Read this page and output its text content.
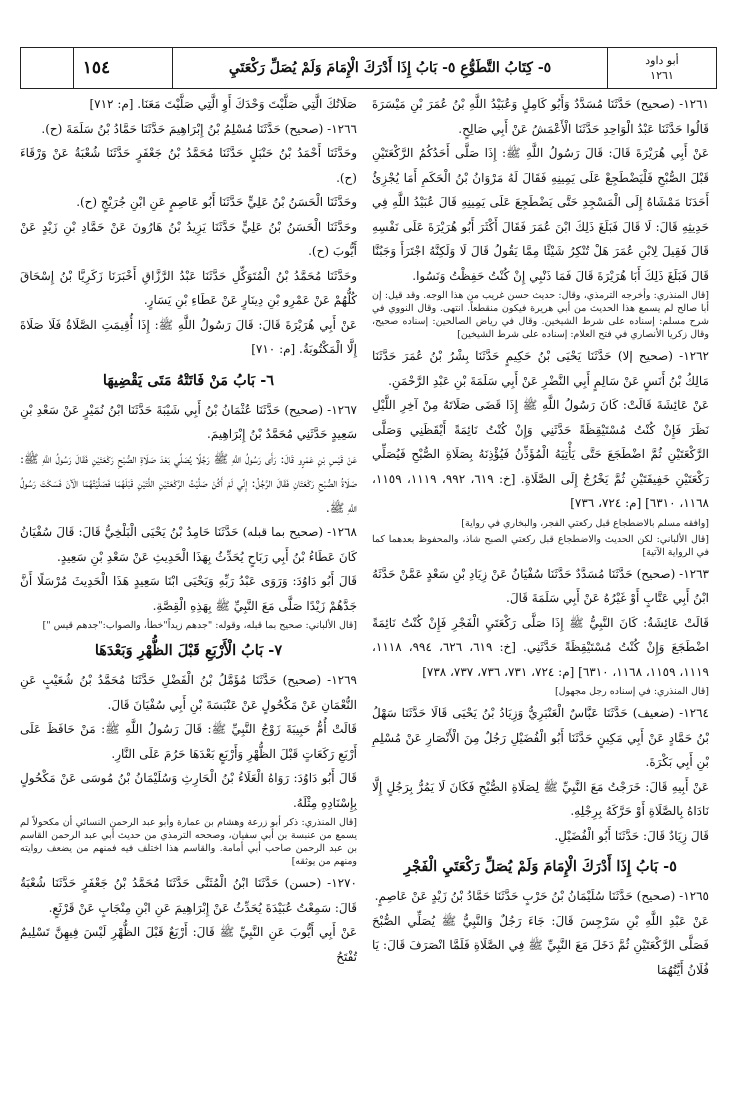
١٥٤	٥- كِتَابُ التَّطَوُّعِ ٥- بَابُ إِذَا أَدْرَكَ الْإِمَامَ وَلَمْ يُصَلِّ رَكْعَتَيِ	أبو داود
١٢٦١

١٢٦١- (صحيح) حَدَّثَنَا مُسَدَّدٌ وَأَبُو كَامِلٍ وَعُبَيْدُ اللَّهِ بْنُ عُمَرَ بْنِ مَيْسَرَةَ قَالُوا حَدَّثَنَا عَبْدُ الْوَاحِدِ حَدَّثَنَا الْأَعْمَشُ عَنْ أَبِي صَالِحٍ.

عَنْ أَبِي هُرَيْرَةَ قَالَ: قَالَ رَسُولُ اللَّهِ ﷺ: إِذَا صَلَّى أَحَدُكُمُ الرَّكْعَتَيْنِ قَبْلَ الصُّبْحِ فَلْيَضْطَجِعْ عَلَى يَمِينِهِ فَقَالَ لَهُ مَرْوَانُ بْنُ الْحَكَمِ أَمَا يُجْزِئُ أَحَدَنَا مَمْشَاهُ إِلَى الْمَسْجِدِ حَتَّى يَضْطَجِعَ عَلَى يَمِينِهِ قَالَ عُبَيْدُ اللَّهِ فِي حَدِيثِهِ قَالَ: لَا قَالَ فَبَلَغَ ذَلِكَ ابْنَ عُمَرَ فَقَالَ أَكْثَرَ أَبُو هُرَيْرَةَ عَلَى نَفْسِهِ قَالَ فَقِيلَ لِابْنِ عُمَرَ هَلْ تُنْكِرُ شَيْئًا مِمَّا يَقُولُ قَالَ لَا وَلَكِنَّهُ اجْتَرَأَ وَجَبُنَّا قَالَ فَبَلَغَ ذَلِكَ أَبَا هُرَيْرَةَ قَالَ فَمَا ذَنْبِي إِنْ كُنْتُ حَفِظْتُ وَنَسُوا.

[قال المنذري: وأخرجه الترمذي، وقال: حديث حسن غريب من هذا الوجه. وقد قيل: إن أبا صالح لم يسمع هذا الحديث من أبي هريرة فيكون منقطعاً. انتهى. وقال النووي في شرح مسلم: إسناده على شرط الشيخين. وقال في رياض الصالحين: إسناده صحيح، وقال زكريا الأنصاري في فتح العلام: إسناده على شرط الشيخين]

١٢٦٢- (صحيح إلا) حَدَّثَنَا يَحْيَى بْنُ حَكِيمٍ حَدَّثَنَا بِشْرُ بْنُ عُمَرَ حَدَّثَنَا مَالِكُ بْنُ أَنَسٍ عَنْ سَالِمٍ أَبِي النَّضْرِ عَنْ أَبِي سَلَمَةَ بْنِ عَبْدِ الرَّحْمَنِ.

عَنْ عَائِشَةَ قَالَتْ: كَانَ رَسُولُ اللَّهِ ﷺ إِذَا قَضَى صَلَاتَهُ مِنْ آخِرِ اللَّيْلِ نَظَرَ فَإِنْ كُنْتُ مُسْتَيْقِظَةً حَدَّثَنِي وَإِنْ كُنْتُ نَائِمَةً أَيْقَظَنِي وَصَلَّى الرَّكْعَتَيْنِ ثُمَّ اضْطَجَعَ حَتَّى يَأْتِيَهُ الْمُؤَذِّنُ فَيُؤْذِنَهُ بِصَلَاةِ الصُّبْحِ فَيُصَلِّي رَكْعَتَيْنِ خَفِيفَتَيْنِ ثُمَّ يَخْرُجُ إِلَى الصَّلَاةِ. [خ: ٦١٩، ٩٩٢، ١١١٩، ١١٥٩، ١١٦٨، ٦٣١٠] [م: ٧٢٤، ٧٣٦]

[وافقه مسلم بالاضطجاع قبل ركعتي الفجر، والبخاري في رواية]

[قال الألباني: لكن الحديث والاضطجاع قبل ركعتي الصبح شاذ، والمحفوظ بعدهما كما في الرواية الآتية]

١٢٦٣- (صحيح) حَدَّثَنَا مُسَدَّدٌ حَدَّثَنَا سُفْيَانُ عَنْ زِيَادِ بْنِ سَعْدٍ عَمَّنْ حَدَّثَهُ ابْنُ أَبِي عَتَّابٍ أَوْ غَيْرُهُ عَنْ أَبِي سَلَمَةَ قَالَ.

قَالَتْ عَائِشَةُ: كَانَ النَّبِيُّ ﷺ إِذَا صَلَّى رَكْعَتَيِ الْفَجْرِ فَإِنْ كُنْتُ نَائِمَةً اضْطَجَعَ وَإِنْ كُنْتُ مُسْتَيْقِظَةً حَدَّثَنِي. [خ: ٦١٩، ٦٢٦، ٩٩٤، ١١١٨، ١١١٩، ١١٥٩، ١١٦٨، ٦٣١٠] [م: ٧٢٤، ٧٣١، ٧٣٦، ٧٣٧، ٧٣٨]

[قال المنذري: في إسناده رجل مجهول]

١٢٦٤- (ضعيف) حَدَّثَنَا عَبَّاسٌ الْعَنْبَرِيُّ وَزِيَادُ بْنُ يَحْيَى قَالَا حَدَّثَنَا سَهْلُ بْنُ حَمَّادٍ عَنْ أَبِي مَكِينٍ حَدَّثَنَا أَبُو الْفُضَيْلِ رَجُلٌ مِنَ الْأَنْصَارِ عَنْ مُسْلِمِ بْنِ أَبِي بَكْرَةَ.

عَنْ أَبِيهِ قَالَ: خَرَجْتُ مَعَ النَّبِيِّ ﷺ لِصَلَاةِ الصُّبْحِ فَكَانَ لَا يَمُرُّ بِرَجُلٍ إِلَّا نَادَاهُ بِالصَّلَاةِ أَوْ حَرَّكَهُ بِرِجْلِهِ.

قَالَ زِيَادٌ قَالَ: حَدَّثَنَا أَبُو الْفُضَيْلِ.

٥- بَابُ إِذَا أَدْرَكَ الْإِمَامَ وَلَمْ يُصَلِّ رَكْعَتَيِ الْفَجْرِ

١٢٦٥- (صحيح) حَدَّثَنَا سُلَيْمَانُ بْنُ حَرْبٍ حَدَّثَنَا حَمَّادُ بْنُ زَيْدٍ عَنْ عَاصِمٍ.

عَنْ عَبْدِ اللَّهِ بْنِ سَرْجِسَ قَالَ: جَاءَ رَجُلٌ وَالنَّبِيُّ ﷺ يُصَلِّي الصُّبْحَ فَصَلَّى الرَّكْعَتَيْنِ ثُمَّ دَخَلَ مَعَ النَّبِيِّ ﷺ فِي الصَّلَاةِ فَلَمَّا انْصَرَفَ قَالَ: يَا فُلَانُ أَيَّتُهُمَا

صَلَاتُكَ الَّتِي صَلَّيْتَ وَحْدَكَ أَوِ الَّتِي صَلَّيْتَ مَعَنَا. [م: ٧١٢]

١٢٦٦- (صحيح) حَدَّثَنَا مُسْلِمُ بْنُ إِبْرَاهِيمَ حَدَّثَنَا حَمَّادُ بْنُ سَلَمَةَ (ح).

وحَدَّثَنَا أَحْمَدُ بْنُ حَنْبَلٍ حَدَّثَنَا مُحَمَّدُ بْنُ جَعْفَرٍ حَدَّثَنَا شُعْبَةُ عَنْ وَرْقَاءَ (ح).

وحَدَّثَنَا الْحَسَنُ بْنُ عَلِيٍّ حَدَّثَنَا أَبُو عَاصِمٍ عَنِ ابْنِ جُرَيْجٍ (ح).

وحَدَّثَنَا الْحَسَنُ بْنُ عَلِيٍّ حَدَّثَنَا يَزِيدُ بْنُ هَارُونَ عَنْ حَمَّادِ بْنِ زَيْدٍ عَنْ أَيُّوبَ (ح).

وحَدَّثَنَا مُحَمَّدُ بْنُ الْمُتَوَكِّلِ حَدَّثَنَا عَبْدُ الرَّزَّاقِ أَخْبَرَنَا زَكَرِيَّا بْنُ إِسْحَاقَ كُلُّهُمْ عَنْ عَمْرِو بْنِ دِينَارٍ عَنْ عَطَاءِ بْنِ يَسَارٍ.

عَنْ أَبِي هُرَيْرَةَ قَالَ: قَالَ رَسُولُ اللَّهِ ﷺ: إِذَا أُقِيمَتِ الصَّلَاةُ فَلَا صَلَاةَ إِلَّا الْمَكْتُوبَةُ. [م: ٧١٠]

٦- بَابُ مَنْ فَاتَتْهُ مَتَى يَقْضِيهَا

١٢٦٧- (صحيح) حَدَّثَنَا عُثْمَانُ بْنُ أَبِي شَيْبَةَ حَدَّثَنَا ابْنُ نُمَيْرٍ عَنْ سَعْدِ بْنِ سَعِيدٍ حَدَّثَنِي مُحَمَّدُ بْنُ إِبْرَاهِيمَ.

عَنْ قَيْسِ بْنِ عَمْرٍو قَالَ: رَأَى رَسُولُ اللَّهِ ﷺ رَجُلًا يُصَلِّي بَعْدَ صَلَاةِ الصُّبْحِ رَكْعَتَيْنِ فَقَالَ رَسُولُ اللَّهِ ﷺ: صَلَاةُ الصُّبْحِ رَكْعَتَانِ فَقَالَ الرَّجُلُ: إِنِّي لَمْ أَكُنْ صَلَّيْتُ الرَّكْعَتَيْنِ اللَّتَيْنِ قَبْلَهُمَا فَصَلَّيْتُهُمَا الْآنَ فَسَكَتَ رَسُولُ اللَّهِ ﷺ.

١٢٦٨- (صحيح بما قبله) حَدَّثَنَا حَامِدُ بْنُ يَحْيَى الْبَلْخِيُّ قَالَ: قَالَ سُفْيَانُ كَانَ عَطَاءُ بْنُ أَبِي رَبَاحٍ يُحَدِّثُ بِهَذَا الْحَدِيثِ عَنْ سَعْدِ بْنِ سَعِيدٍ.

قَالَ أَبُو دَاوُدَ: وَرَوَى عَبْدُ رَبِّهِ وَيَحْيَى ابْنَا سَعِيدٍ هَذَا الْحَدِيثَ مُرْسَلًا أَنَّ جَدَّهُمْ زَيْدًا صَلَّى مَعَ النَّبِيِّ ﷺ بِهَذِهِ الْقِصَّةِ.

[قال الألباني: صحيح بما قبله، وقوله: "جدهم زيداً"خطأ، والصواب:"جدهم قيس "]

٧- بَابُ الْأَرْبَعِ قَبْلَ الظُّهْرِ وَبَعْدَهَا

١٢٦٩- (صحيح) حَدَّثَنَا مُؤَمَّلُ بْنُ الْفَضْلِ حَدَّثَنَا مُحَمَّدُ بْنُ شُعَيْبٍ عَنِ النُّعْمَانِ عَنْ مَكْحُولٍ عَنْ عَنْبَسَةَ بْنِ أَبِي سُفْيَانَ قَالَ.

قَالَتْ أُمُّ حَبِيبَةَ زَوْجُ النَّبِيِّ ﷺ: قَالَ رَسُولُ اللَّهِ ﷺ: مَنْ حَافَظَ عَلَى أَرْبَعِ رَكَعَاتٍ قَبْلَ الظُّهْرِ وَأَرْبَعٍ بَعْدَهَا حَرُمَ عَلَى النَّارِ.

قَالَ أَبُو دَاوُدَ: رَوَاهُ الْعَلَاءُ بْنُ الْحَارِثِ وَسُلَيْمَانُ بْنُ مُوسَى عَنْ مَكْحُولٍ بِإِسْنَادِهِ مِثْلَهُ.

[قال المنذري: ذكر أبو زرعة وهشام بن عمارة وأبو عبد الرحمن النسائي أن مكحولاً لم يسمع من عنبسة بن أبي سفيان، وصححه الترمذي من حديث أبي عبد الرحمن القاسم بن عبد الرحمن صاحب أبي أمامة. والقاسم هذا اختلف فيه فمنهم من يضعف روايته ومنهم من يوثقه]

١٢٧٠- (حسن) حَدَّثَنَا ابْنُ الْمُثَنَّى حَدَّثَنَا مُحَمَّدُ بْنُ جَعْفَرٍ حَدَّثَنَا شُعْبَةُ قَالَ: سَمِعْتُ عُبَيْدَةَ يُحَدِّثُ عَنْ إِبْرَاهِيمَ عَنِ ابْنِ مِنْجَابٍ عَنْ قَرْثَعٍ.

عَنْ أَبِي أَيُّوبَ عَنِ النَّبِيِّ ﷺ قَالَ: أَرْبَعٌ قَبْلَ الظُّهْرِ لَيْسَ فِيهِنَّ تَسْلِيمٌ تُفْتَحُ
